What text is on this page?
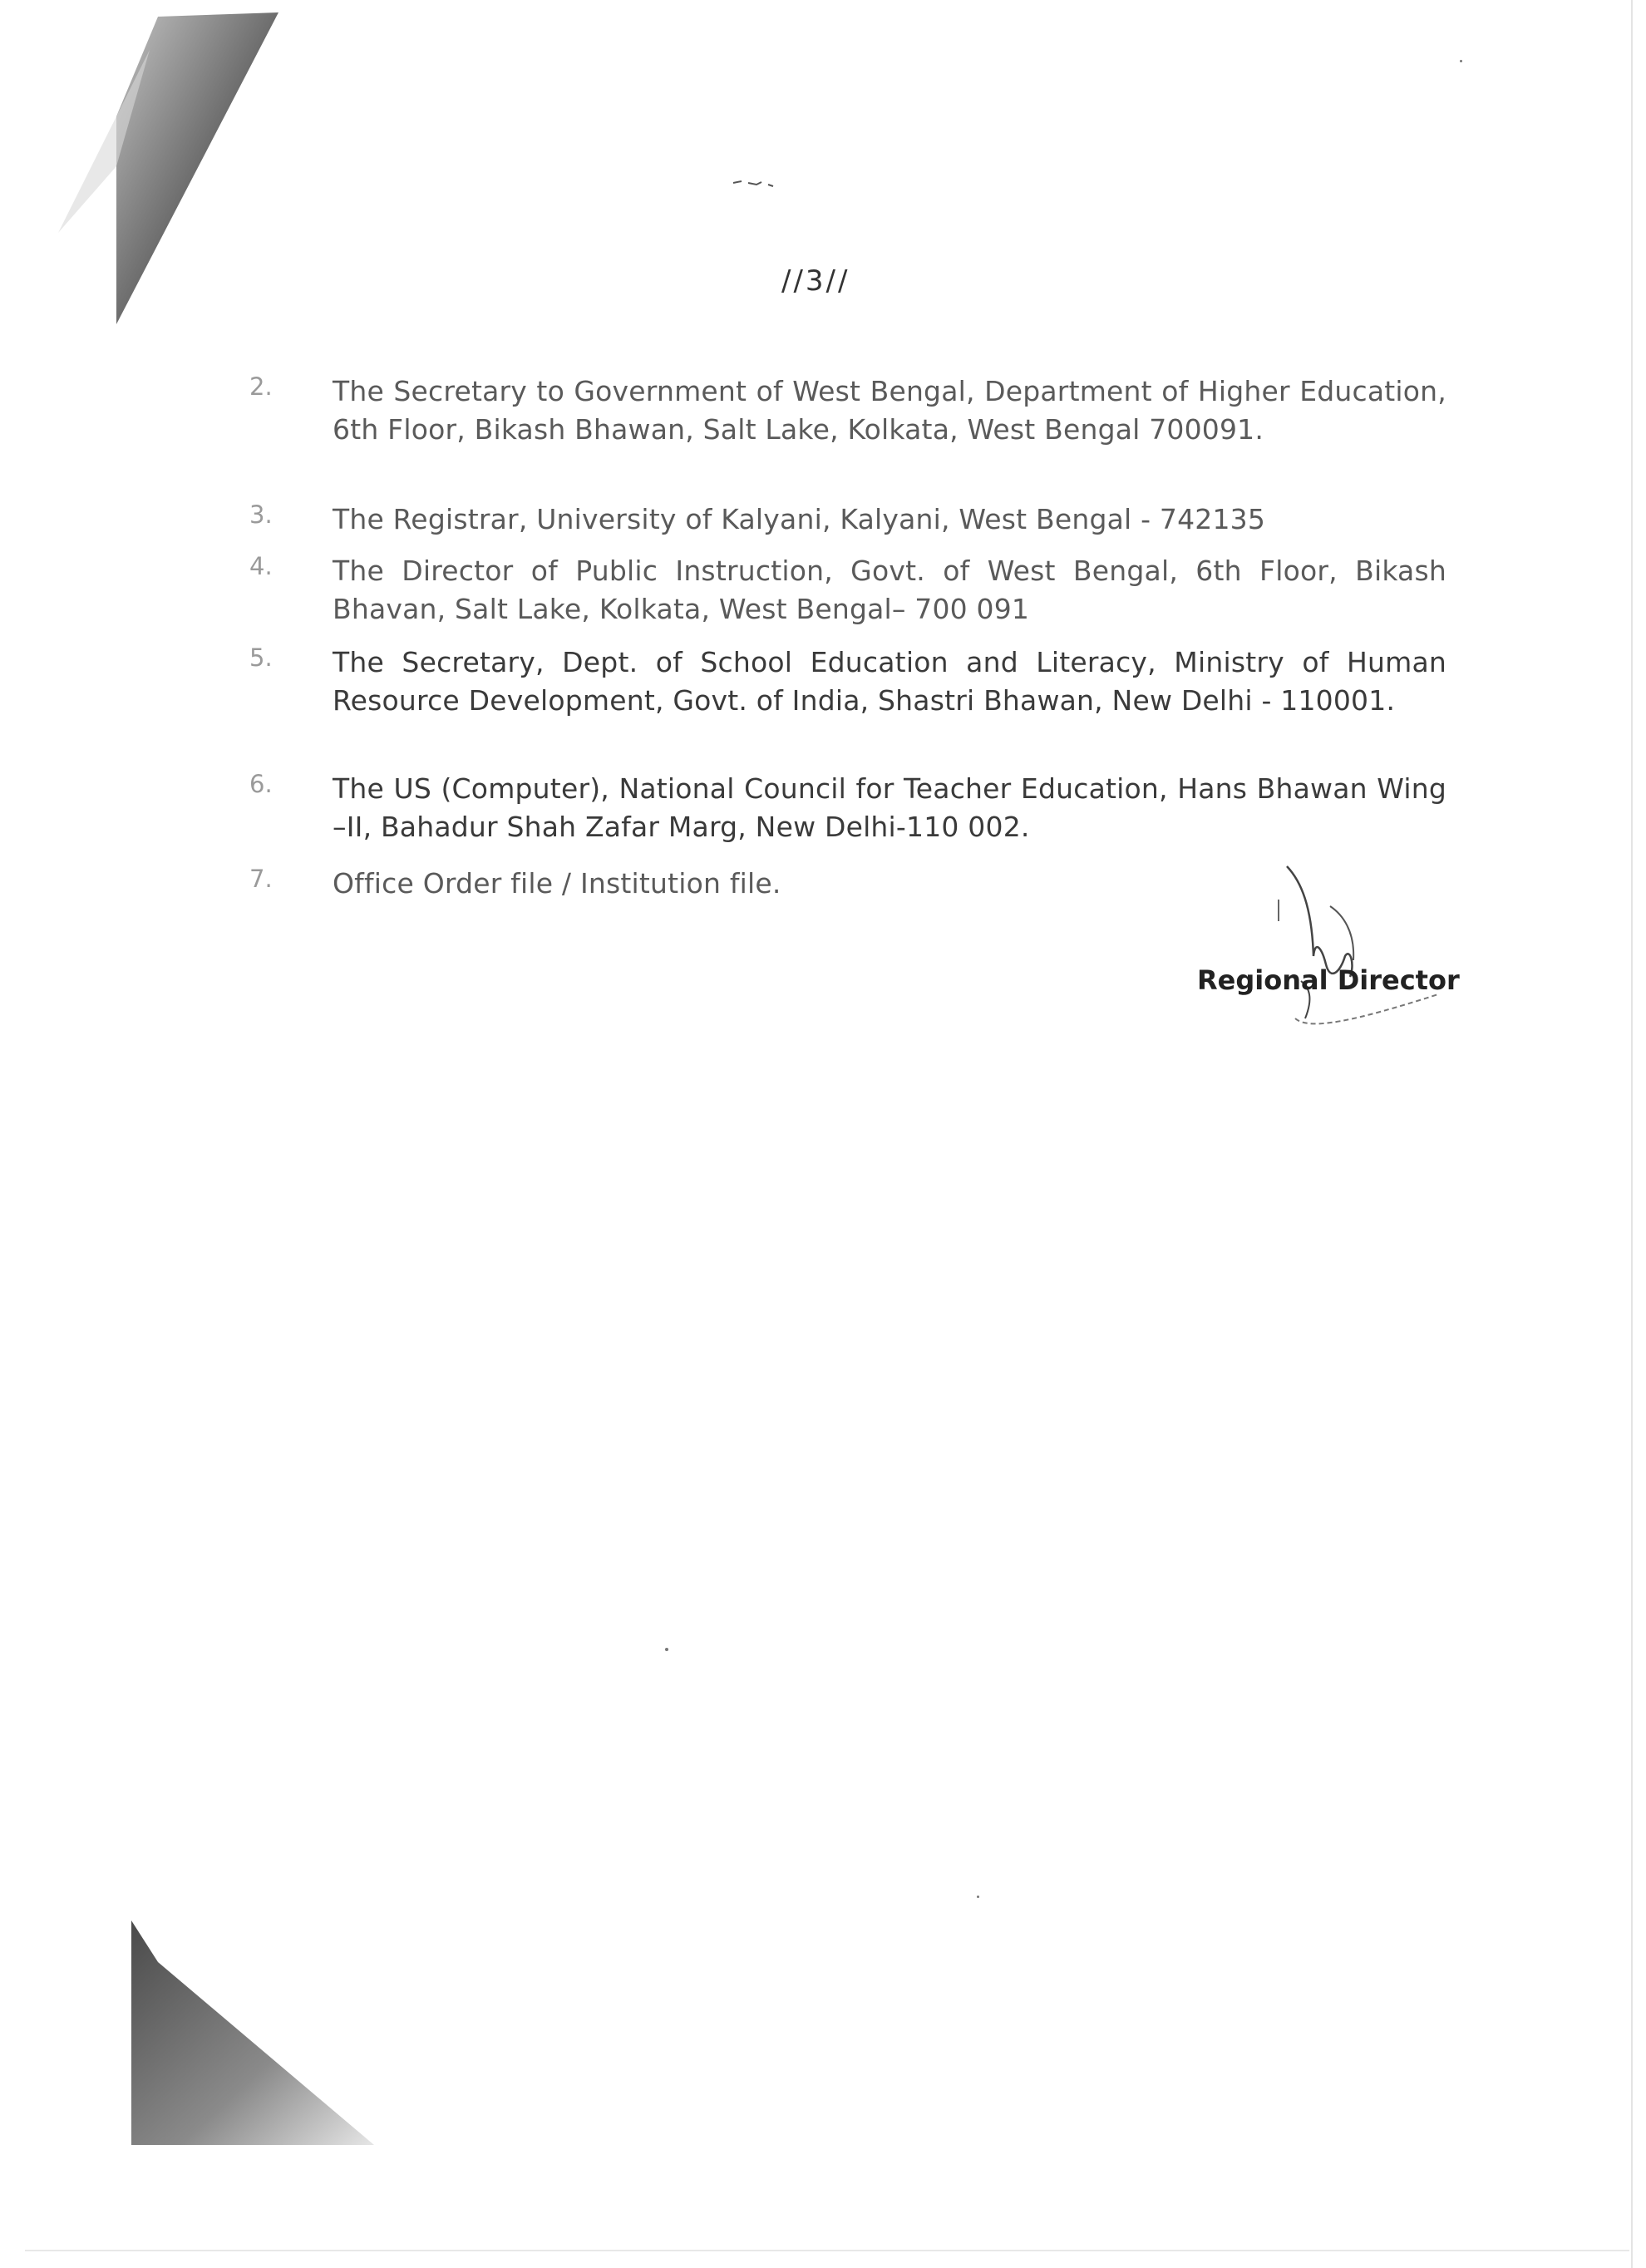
//3//
2. The Secretary to Government of West Bengal, Department of Higher Education, 6th Floor, Bikash Bhawan, Salt Lake, Kolkata, West Bengal 700091.
3. The Registrar, University of Kalyani, Kalyani, West Bengal - 742135
4. The Director of Public Instruction, Govt. of West Bengal, 6th Floor, Bikash Bhavan, Salt Lake, Kolkata, West Bengal– 700 091
5. The Secretary, Dept. of School Education and Literacy, Ministry of Human Resource Development, Govt. of India, Shastri Bhawan, New Delhi - 110001.
6. The US (Computer), National Council for Teacher Education, Hans Bhawan Wing –II, Bahadur Shah Zafar Marg, New Delhi-110 002.
7. Office Order file / Institution file.
Regional Director
